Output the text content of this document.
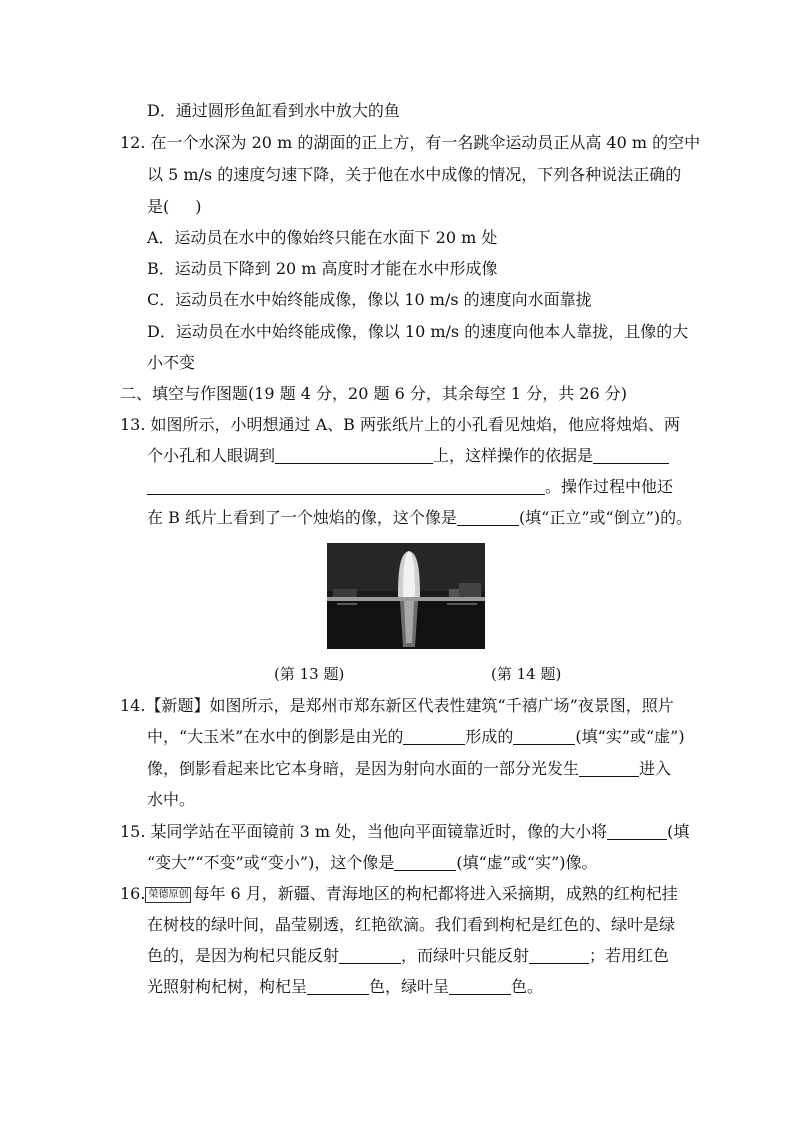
D．通过圆形鱼缸看到水中放大的鱼
12. 在一个水深为 20 m 的湖面的正上方，有一名跳伞运动员正从高 40 m 的空中
以 5 m/s 的速度匀速下降，关于他在水中成像的情况，下列各种说法正确的
是( )
A．运动员在水中的像始终只能在水面下 20 m 处
B．运动员下降到 20 m 高度时才能在水中形成像
C．运动员在水中始终能成像，像以 10 m/s 的速度向水面靠拢
D．运动员在水中始终能成像，像以 10 m/s 的速度向他本人靠拢，且像的大
小不变
二、填空与作图题(19 题 4 分，20 题 6 分，其余每空 1 分，共 26 分)
13. 如图所示，小明想通过 A、B 两张纸片上的小孔看见烛焰，他应将烛焰、两
个小孔和人眼调到	上，这样操作的依据是
。操作过程中他还
在 B 纸片上看到了一个烛焰的像，这个像是	(填“正立”或“倒立”)的。
(第 13 题)	(第 14 题)
14.【新题】如图所示，是郑州市郑东新区代表性建筑“千禧广场”夜景图，照片
中，“大玉米”在水中的倒影是由光的	形成的	(填“实”或“虚”)
像，倒影看起来比它本身暗，是因为射向水面的一部分光发生	进入
水中。
15. 某同学站在平面镜前 3 m 处，当他向平面镜靠近时，像的大小将	(填
“变大”“不变”或“变小”)，这个像是	(填“虚”或“实”)像。
16. 榮德原创 每年 6 月，新疆、青海地区的枸杞都将进入采摘期，成熟的红枸杞挂
在树枝的绿叶间，晶莹剔透，红艳欲滴。我们看到枸杞是红色的、绿叶是绿
色的，是因为枸杞只能反射	，而绿叶只能反射	；若用红色
光照射枸杞树，枸杞呈	色，绿叶呈	色。
